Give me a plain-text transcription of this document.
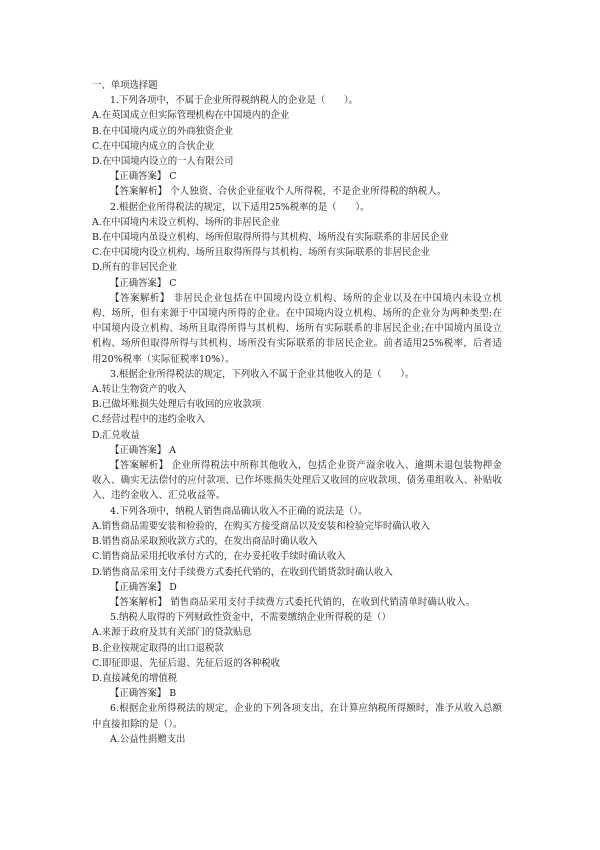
一、单项选择题
1.下列各项中，不属于企业所得税纳税人的企业是（　　）。
A.在英国成立但实际管理机构在中国境内的企业
B.在中国境内成立的外商独资企业
C.在中国境内成立的合伙企业
D.在中国境内设立的一人有限公司
【正确答案】 C
【答案解析】 个人独资、合伙企业征收个人所得税，不是企业所得税的纳税人。
2.根据企业所得税法的规定，以下适用25%税率的是（　　）。
A.在中国境内未设立机构、场所的非居民企业
B.在中国境内虽设立机构、场所但取得所得与其机构、场所没有实际联系的非居民企业
C.在中国境内设立机构、场所且取得所得与其机构、场所有实际联系的非居民企业
D.所有的非居民企业
【正确答案】 C
【答案解析】 非居民企业包括在中国境内设立机构、场所的企业以及在中国境内未设立机构、场所，但有来源于中国境内所得的企业。在中国境内设立机构、场所的企业分为两种类型:在中国境内设立机构、场所且取得所得与其机构、场所有实际联系的非居民企业;在中国境内虽设立机构、场所但取得所得与其机构、场所没有实际联系的非居民企业。前者适用25%税率，后者适用20%税率（实际征税率10%）。
3.根据企业所得税法的规定，下列收入不属于企业其他收入的是（　　）。
A.转让生物资产的收入
B.已做坏账损失处理后有收回的应收款项
C.经营过程中的违约金收入
D.汇兑收益
【正确答案】 A
【答案解析】 企业所得税法中所称其他收入，包括企业资产溢余收入、逾期未退包装物押金收入、确实无法偿付的应付款项、已作坏账损失处理后又收回的应收款项、债务重组收入、补贴收入、违约金收入、汇兑收益等。
4.下列各项中，纳税人销售商品确认收入不正确的说法是（）。
A.销售商品需要安装和检验的，在购买方接受商品以及安装和检验完毕时确认收入
B.销售商品采取预收款方式的，在发出商品时确认收入
C.销售商品采用托收承付方式的，在办妥托收手续时确认收入
D.销售商品采用支付手续费方式委托代销的，在收到代销货款时确认收入
【正确答案】 D
【答案解析】 销售商品采用支付手续费方式委托代销的，在收到代销清单时确认收入。
5.纳税人取得的下列财政性资金中，不需要缴纳企业所得税的是（）
A.来源于政府及其有关部门的贷款贴息
B.企业按规定取得的出口退税款
C.即征即退、先征后退、先征后返的各种税收
D.直接减免的增值税
【正确答案】 B
6.根据企业所得税法的规定，企业的下列各项支出，在计算应纳税所得额时，准予从收入总额中直接扣除的是（）。
A.公益性捐赠支出
